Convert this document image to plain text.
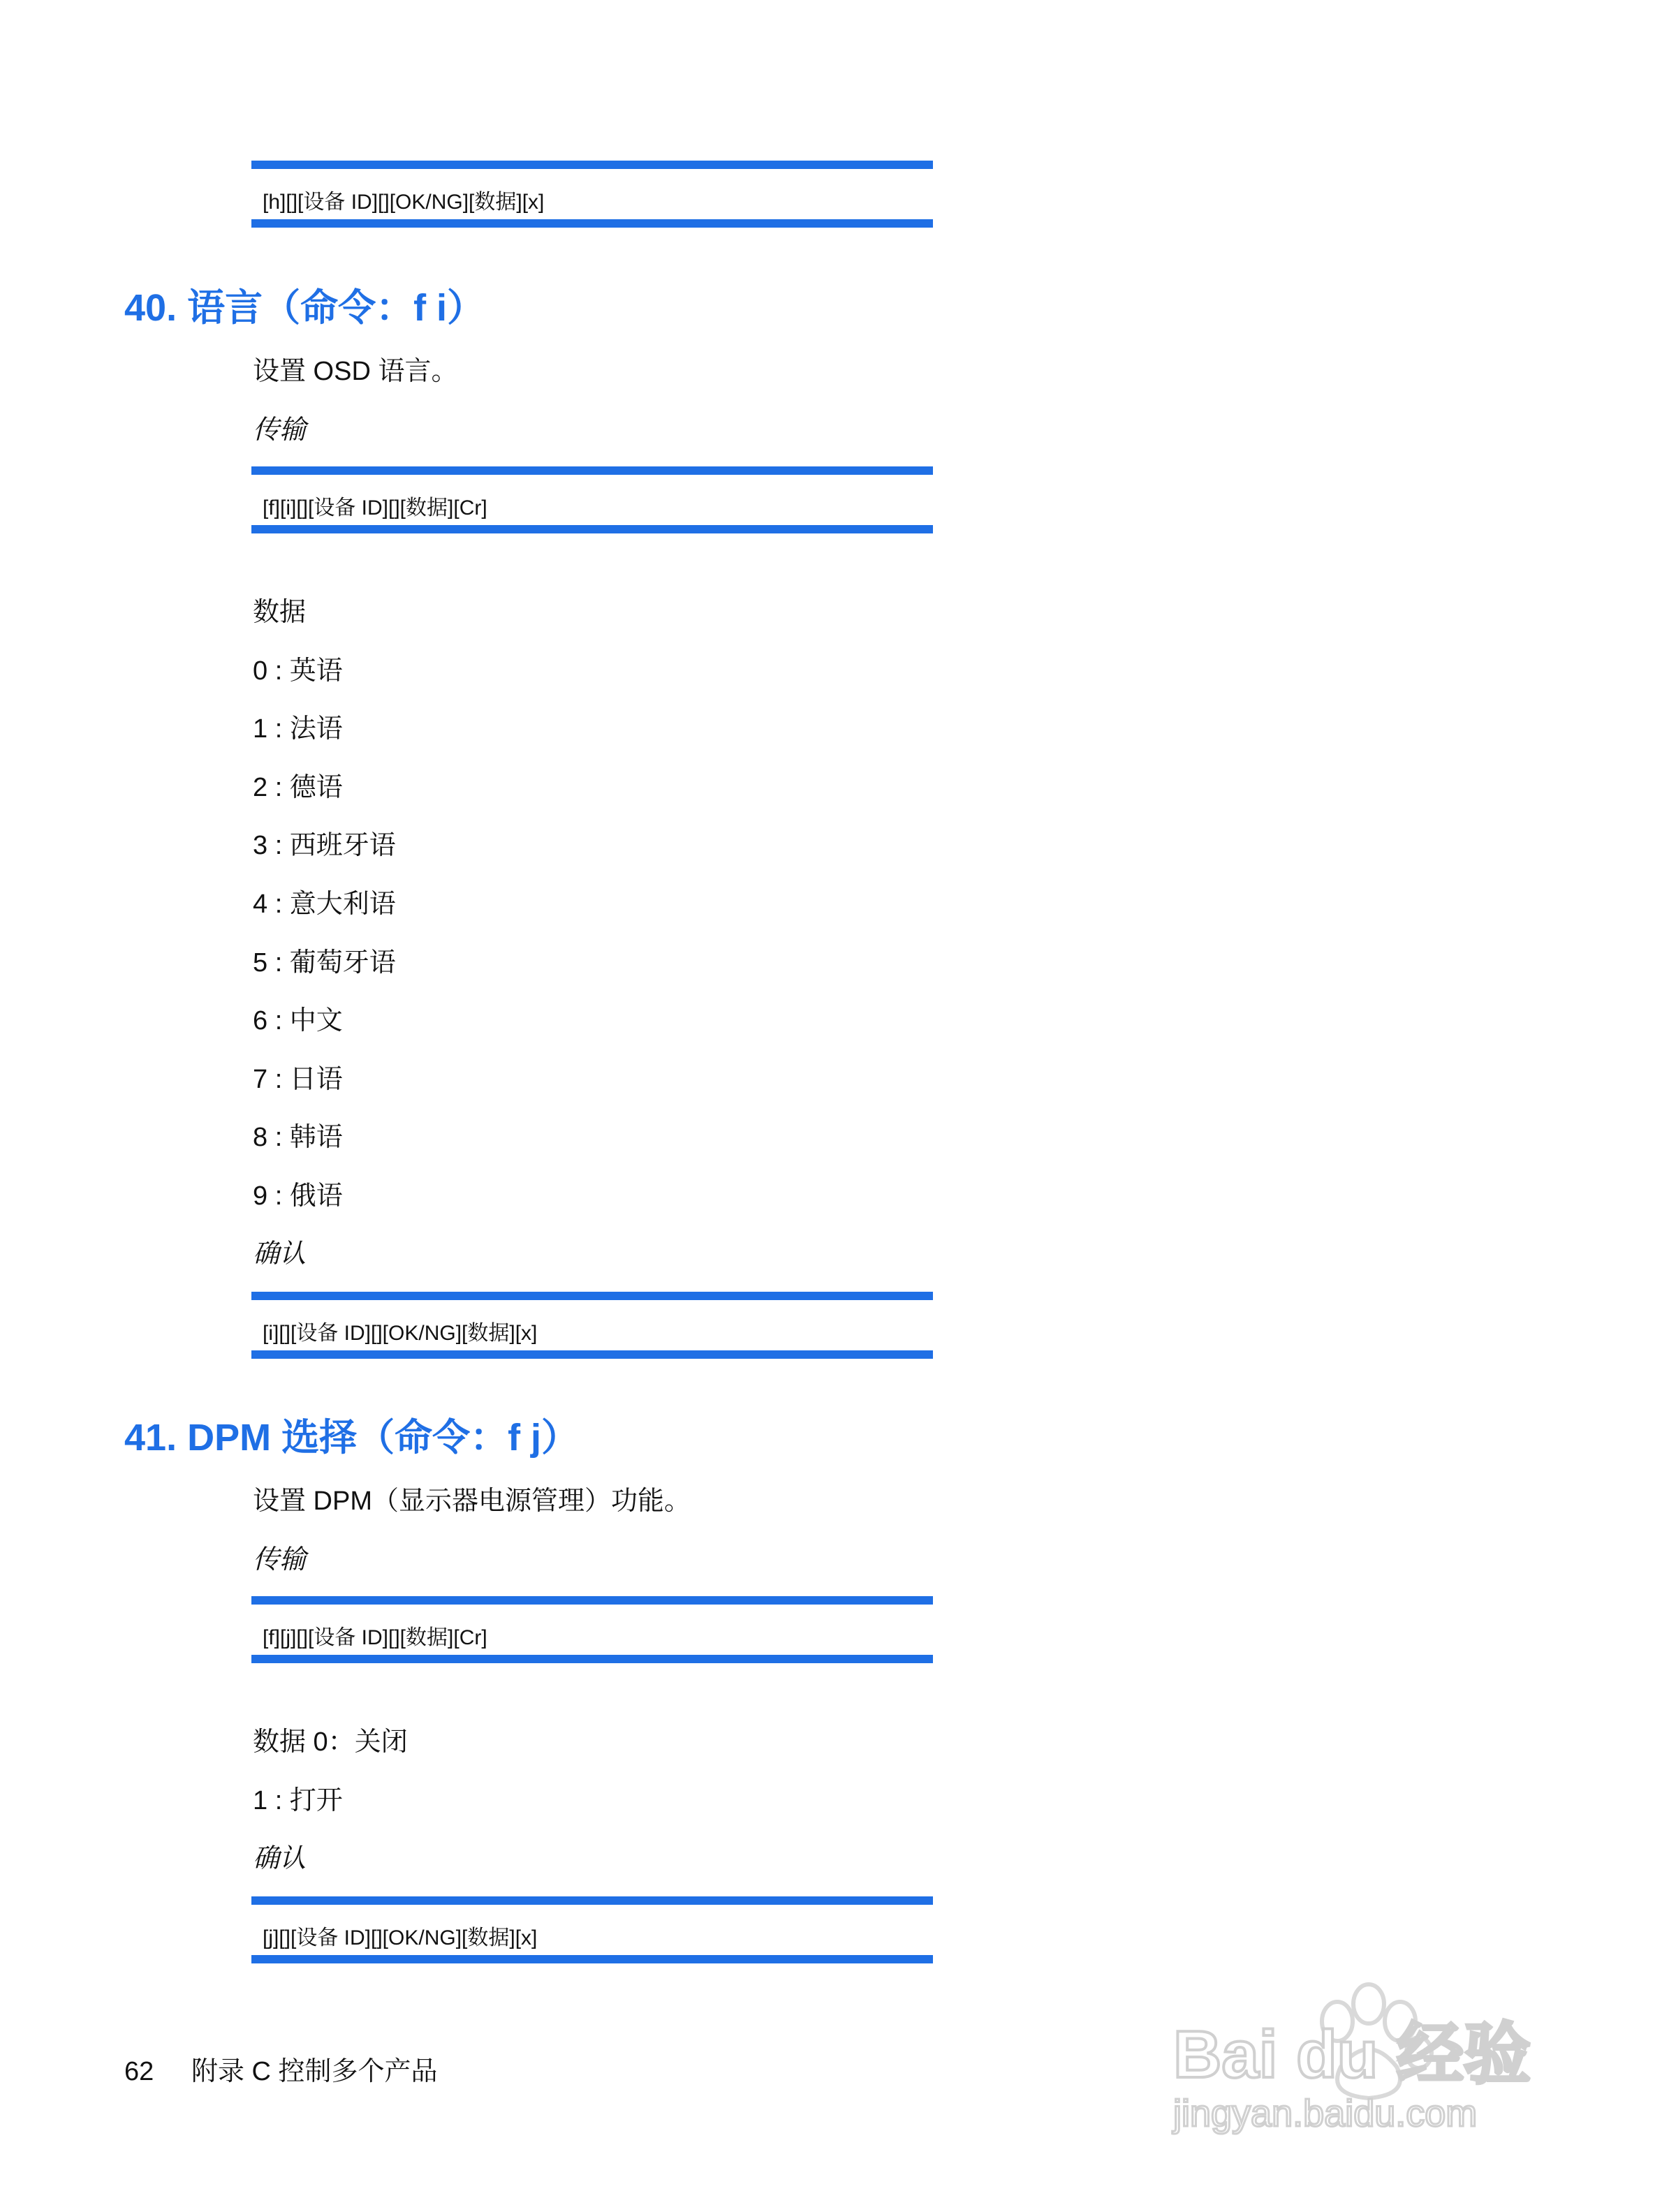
[h][][设备 ID][][OK/NG][数据][x]
40. 语言（命令：f i）

设置 OSD 语言。

传输

[f][i][][设备 ID][][数据][Cr]

数据

0 : 英语

1 : 法语

2 : 德语

3 : 西班牙语

4 : 意大利语

5 : 葡萄牙语

6 : 中文

7 : 日语

8 : 韩语

9 : 俄语

确认

[i][][设备 ID][][OK/NG][数据][x]
41. DPM 选择（命令：f j）

设置 DPM（显示器电源管理）功能。

传输

[f][j][][设备 ID][][数据][Cr]

数据 0：关闭

1 : 打开

确认

[j][][设备 ID][][OK/NG][数据][x]

62 附录 C 控制多个产品	Bai du 经验
jingyan.baidu.com
